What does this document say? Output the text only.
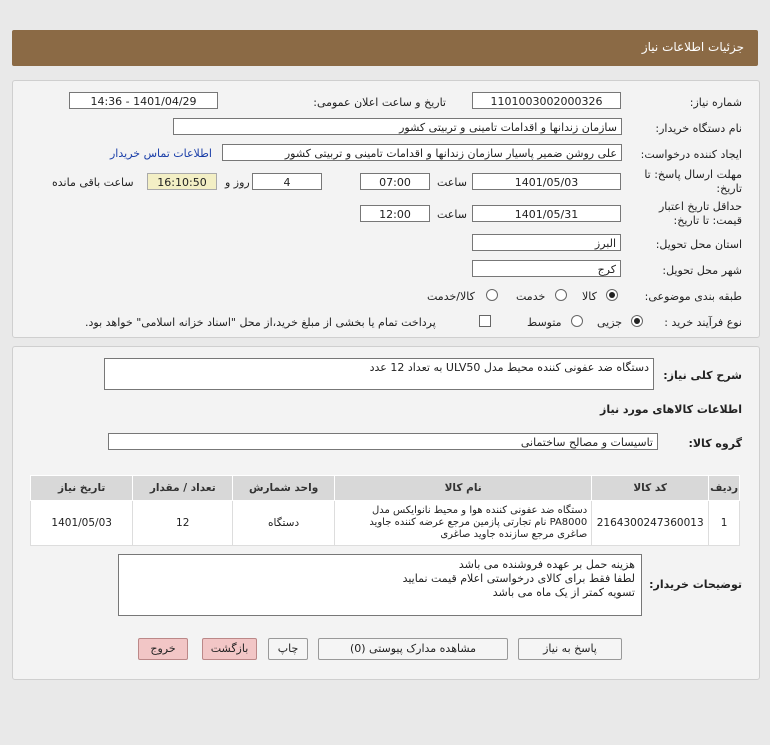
جزئیات اطلاعات نیاز
شماره نیاز:
1101003002000326
تاریخ و ساعت اعلان عمومی:
1401/04/29 - 14:36
نام دستگاه خریدار:
سازمان زندانها و اقدامات تامینی و تربیتی کشور
ایجاد کننده درخواست:
علی روشن ضمیر پاسیار سازمان زندانها و اقدامات تامینی و تربیتی کشور
اطلاعات تماس خریدار
مهلت ارسال پاسخ: تا
تاریخ:
1401/05/03
ساعت
07:00
4
روز و
16:10:50
ساعت باقی مانده
حداقل تاریخ اعتبار
قیمت: تا تاریخ:
1401/05/31
ساعت
12:00
استان محل تحویل:
البرز
شهر محل تحویل:
کرج
طبقه بندی موضوعی:
کالا
خدمت
کالا/خدمت
نوع فرآیند خرید :
جزیی
متوسط
پرداخت تمام یا بخشی از مبلغ خرید،از محل "اسناد خزانه اسلامی" خواهد بود.
شرح کلی نیاز:
دستگاه ضد عفونی کننده محیط مدل ULV50 به تعداد 12 عدد
اطلاعات کالاهای مورد نیاز
گروه کالا:
تاسیسات و مصالح ساختمانی
ردیف	کد کالا	نام کالا	واحد شمارش	تعداد / مقدار	تاریخ نیاز
1	2164300247360013	دستگاه ضد عفونی کننده هوا و محیط نانوایکس مدل PA8000 نام تجارتی پازمین مرجع عرضه کننده جاوید صاغری مرجع سازنده جاوید صاغری	دستگاه	12	1401/05/03
توضیحات خریدار:
هزینه حمل بر عهده فروشنده می باشد
لطفا فقط برای کالای درخواستی اعلام قیمت نمایید
تسویه کمتر از یک ماه می باشد
پاسخ به نیاز
مشاهده مدارک پیوستی (0)
چاپ
بازگشت
خروج
